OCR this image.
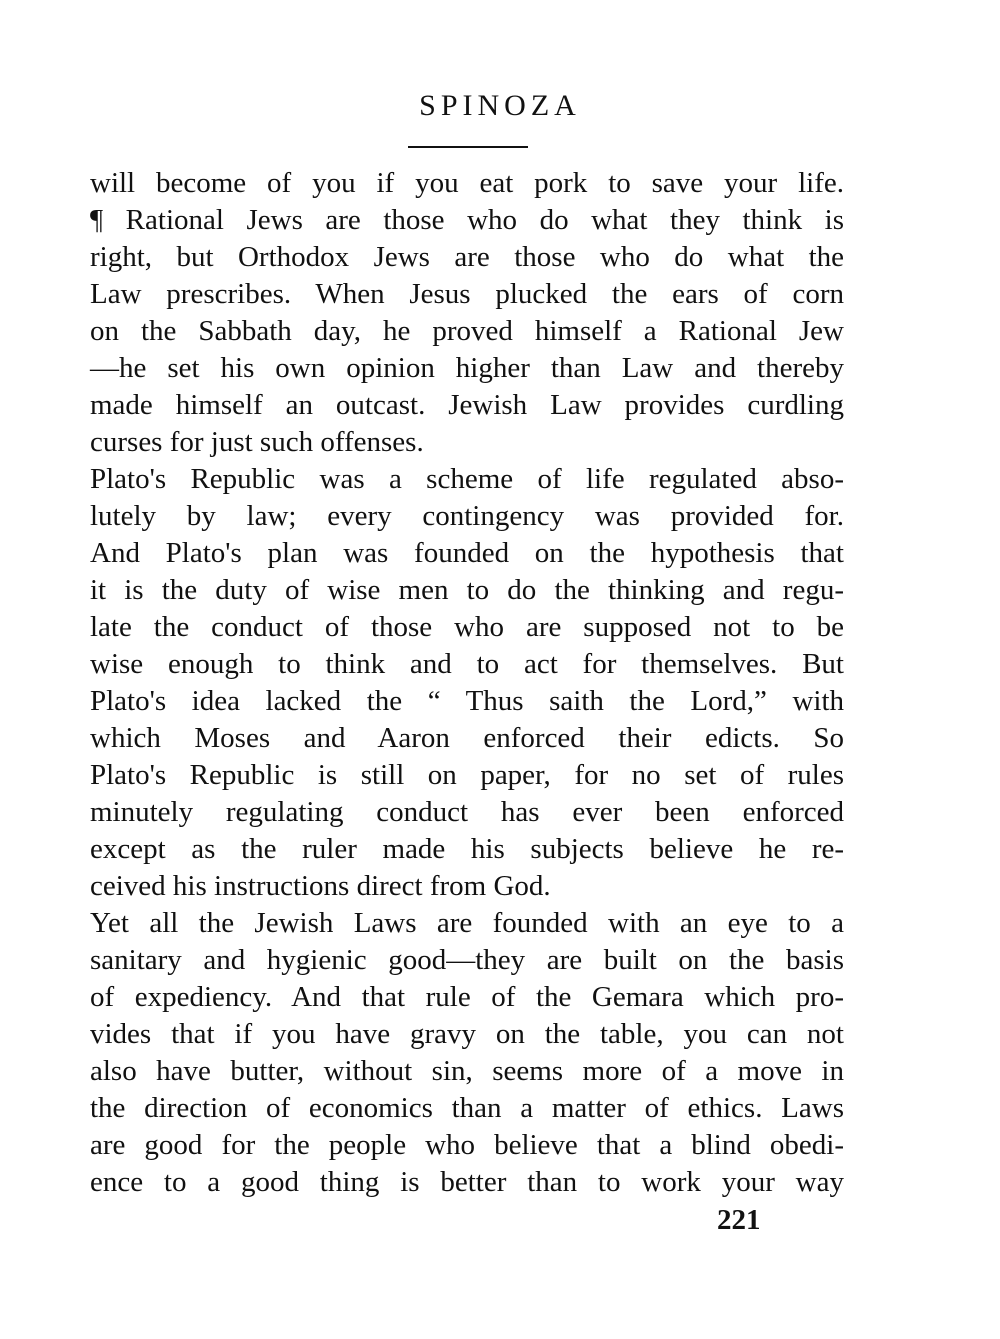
SPINOZA
will become of you if you eat pork to save your life.
¶ Rational Jews are those who do what they think is
right, but Orthodox Jews are those who do what the
Law prescribes. When Jesus plucked the ears of corn
on the Sabbath day, he proved himself a Rational Jew
—he set his own opinion higher than Law and thereby
made himself an outcast. Jewish Law provides curdling
curses for just such offenses.
Plato's Republic was a scheme of life regulated abso-
lutely by law; every contingency was provided for.
And Plato's plan was founded on the hypothesis that
it is the duty of wise men to do the thinking and regu-
late the conduct of those who are supposed not to be
wise enough to think and to act for themselves. But
Plato's idea lacked the “ Thus saith the Lord,” with
which Moses and Aaron enforced their edicts. So
Plato's Republic is still on paper, for no set of rules
minutely regulating conduct has ever been enforced
except as the ruler made his subjects believe he re-
ceived his instructions direct from God.
Yet all the Jewish Laws are founded with an eye to a
sanitary and hygienic good—they are built on the basis
of expediency. And that rule of the Gemara which pro-
vides that if you have gravy on the table, you can not
also have butter, without sin, seems more of a move in
the direction of economics than a matter of ethics. Laws
are good for the people who believe that a blind obedi-
ence to a good thing is better than to work your way
221
